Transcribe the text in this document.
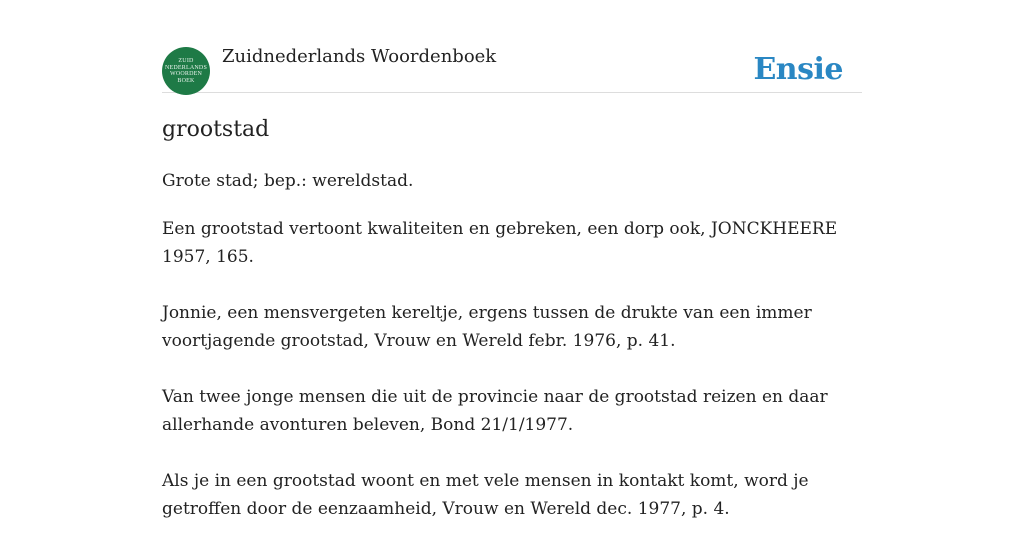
ZUID
NEDERLANDS
WOORDEN
BOEK
Zuidnederlands Woordenboek	Ensie
grootstad

Grote stad; bep.: wereldstad.

Een grootstad vertoont kwaliteiten en gebreken, een dorp ook, JONCKHEERE 1957, 165.
Jonnie, een mensvergeten kereltje, ergens tussen de drukte van een immer voortjagende grootstad, Vrouw en Wereld febr. 1976, p. 41.
Van twee jonge mensen die uit de provincie naar de grootstad reizen en daar allerhande avonturen beleven, Bond 21/1/1977.
Als je in een grootstad woont en met vele mensen in kontakt komt, word je getroffen door de eenzaamheid, Vrouw en Wereld dec. 1977, p. 4.
